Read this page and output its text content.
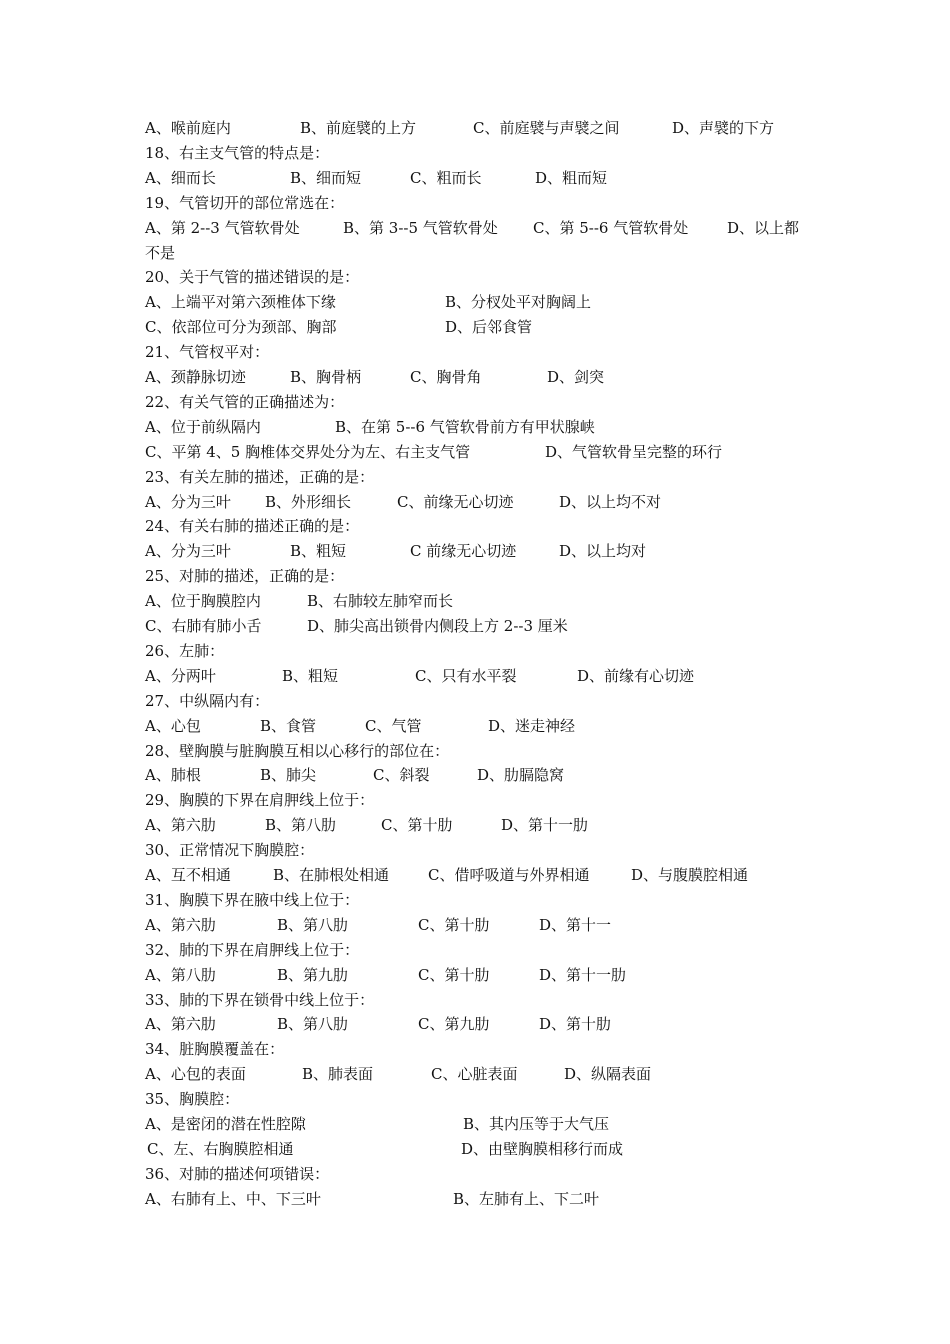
A、喉前庭内	B、前庭襞的上方	C、前庭襞与声襞之间	D、声襞的下方
18、右主支气管的特点是：
A、细而长	B、细而短	C、粗而长	D、粗而短
19、气管切开的部位常选在：
A、第 2--3 气管软骨处	B、第 3--5 气管软骨处 C、第 5--6 气管软骨处	D、以上都
不是
20、关于气管的描述错误的是：
A、上端平对第六颈椎体下缘	B、分杈处平对胸阔上
C、依部位可分为颈部、胸部	D、后邻食管
21、气管杈平对：
A、颈静脉切迹	B、胸骨柄	C、胸骨角	D、剑突
22、有关气管的正确描述为：
A、位于前纵隔内	B、在第 5--6 气管软骨前方有甲状腺峡
C、平第 4、5 胸椎体交界处分为左、右主支气管	D、气管软骨呈完整的环行
23、有关左肺的描述，正确的是：
A、分为三叶 B、外形细长	C、前缘无心切迹	D、以上均不对
24、有关右肺的描述正确的是：
A、分为三叶	B、粗短	C 前缘无心切迹	D、以上均对
25、对肺的描述，正确的是：
A、位于胸膜腔内	B、右肺较左肺窄而长
C、右肺有肺小舌	D、肺尖高出锁骨内侧段上方 2--3 厘米
26、左肺：
A、分两叶	B、粗短	C、只有水平裂	D、前缘有心切迹
27、中纵隔内有：
A、心包	B、食管	C、气管	D、迷走神经
28、壁胸膜与脏胸膜互相以心移行的部位在：
A、肺根	B、肺尖	C、斜裂	D、肋膈隐窝
29、胸膜的下界在肩胛线上位于：
A、第六肋	B、第八肋	C、第十肋	D、第十一肋
30、正常情况下胸膜腔：
A、互不相通	B、在肺根处相通	C、借呼吸道与外界相通	D、与腹膜腔相通
31、胸膜下界在腋中线上位于：
A、第六肋	B、第八肋	C、第十肋	D、第十一
32、肺的下界在肩胛线上位于：
A、第八肋	B、第九肋	C、第十肋	D、第十一肋
33、肺的下界在锁骨中线上位于：
A、第六肋	B、第八肋	C、第九肋	D、第十肋
34、脏胸膜覆盖在：
A、心包的表面	B、肺表面	C、心脏表面	D、纵隔表面
35、胸膜腔：
A、是密闭的潜在性腔隙	B、其内压等于大气压
C、左、右胸膜腔相通	D、由壁胸膜相移行而成
36、对肺的描述何项错误：
A、右肺有上、中、下三叶	B、左肺有上、下二叶
